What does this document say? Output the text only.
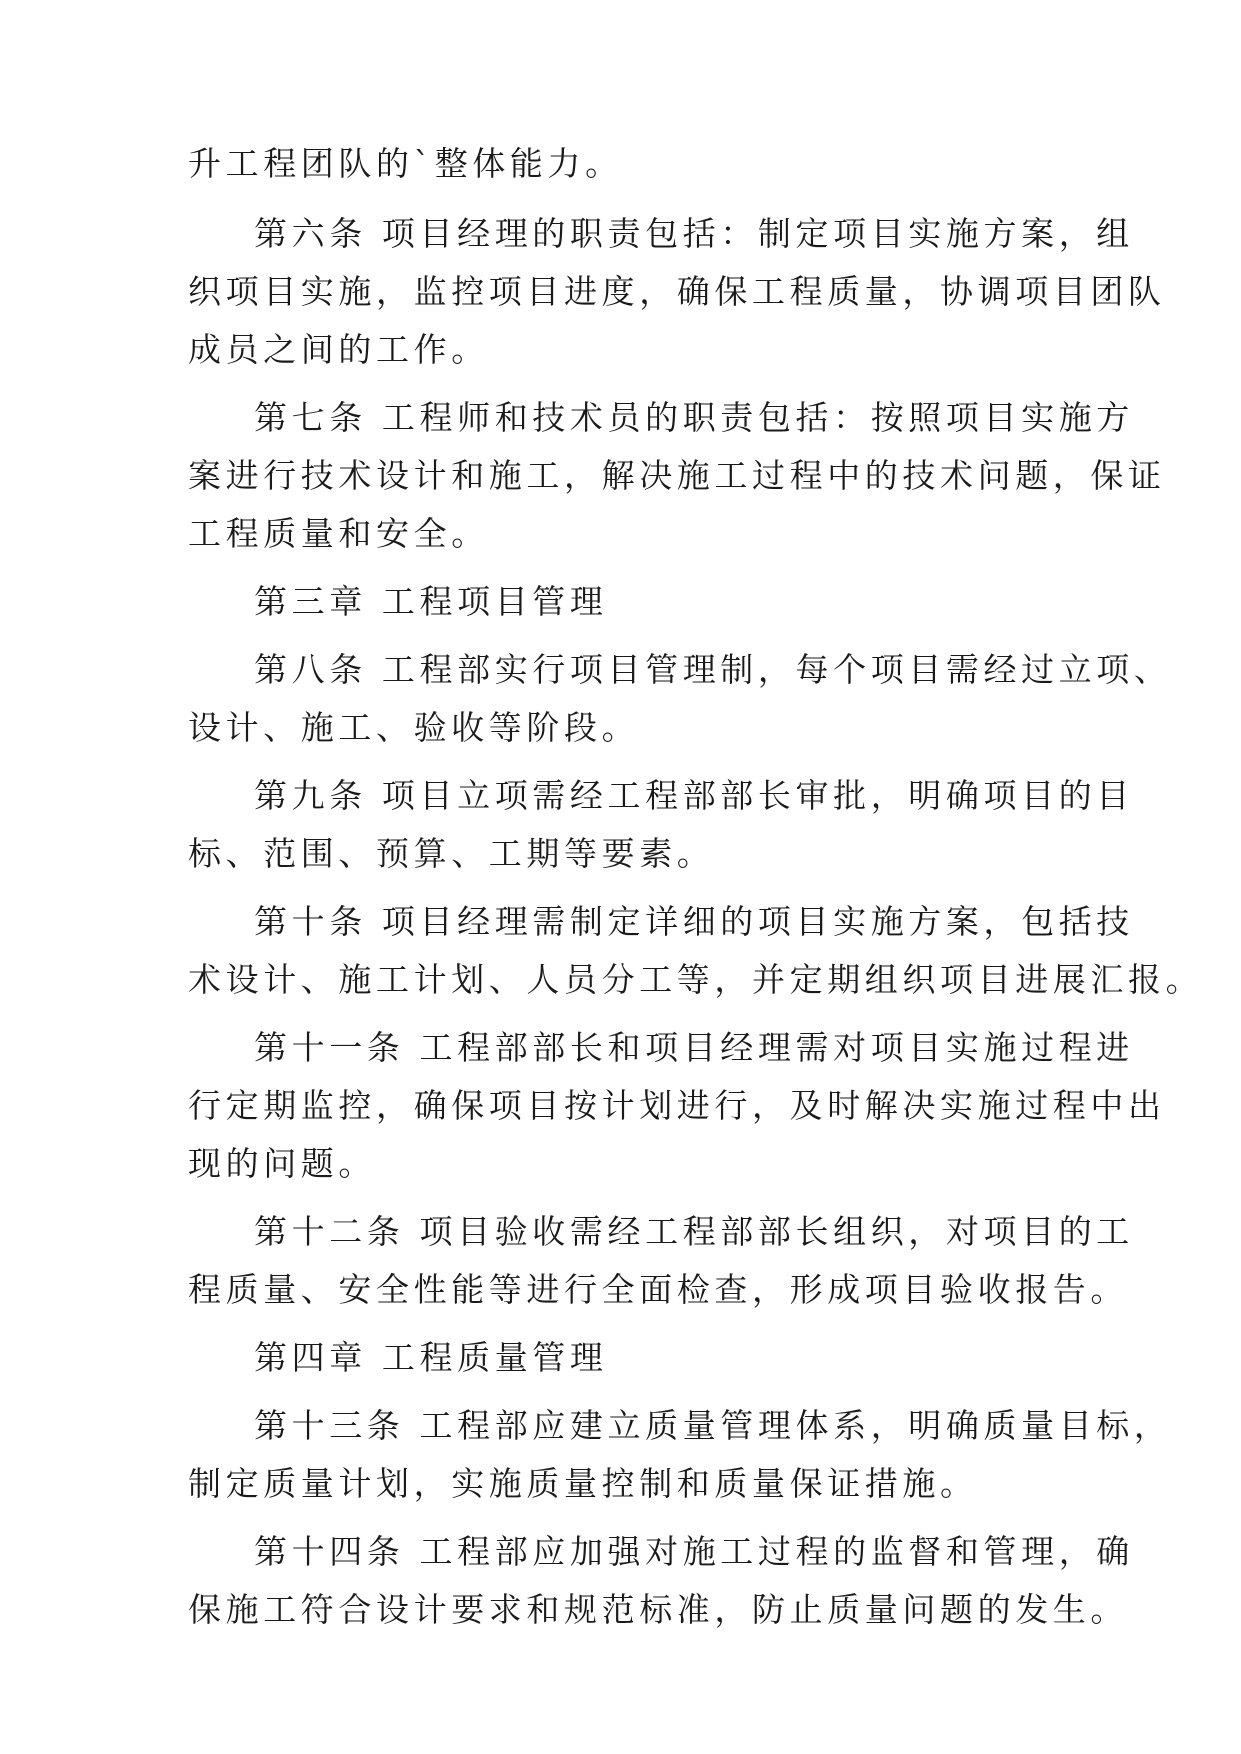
升工程团队的`整体能力。
第六条 项目经理的职责包括：制定项目实施方案，组
织项目实施，监控项目进度，确保工程质量，协调项目团队
成员之间的工作。
第七条 工程师和技术员的职责包括：按照项目实施方
案进行技术设计和施工，解决施工过程中的技术问题，保证
工程质量和安全。
第三章 工程项目管理
第八条 工程部实行项目管理制，每个项目需经过立项、
设计、施工、验收等阶段。
第九条 项目立项需经工程部部长审批，明确项目的目
标、范围、预算、工期等要素。
第十条 项目经理需制定详细的项目实施方案，包括技
术设计、施工计划、人员分工等，并定期组织项目进展汇报。
第十一条 工程部部长和项目经理需对项目实施过程进
行定期监控，确保项目按计划进行，及时解决实施过程中出
现的问题。
第十二条 项目验收需经工程部部长组织，对项目的工
程质量、安全性能等进行全面检查，形成项目验收报告。
第四章 工程质量管理
第十三条 工程部应建立质量管理体系，明确质量目标，
制定质量计划，实施质量控制和质量保证措施。
第十四条 工程部应加强对施工过程的监督和管理，确
保施工符合设计要求和规范标准，防止质量问题的发生。
